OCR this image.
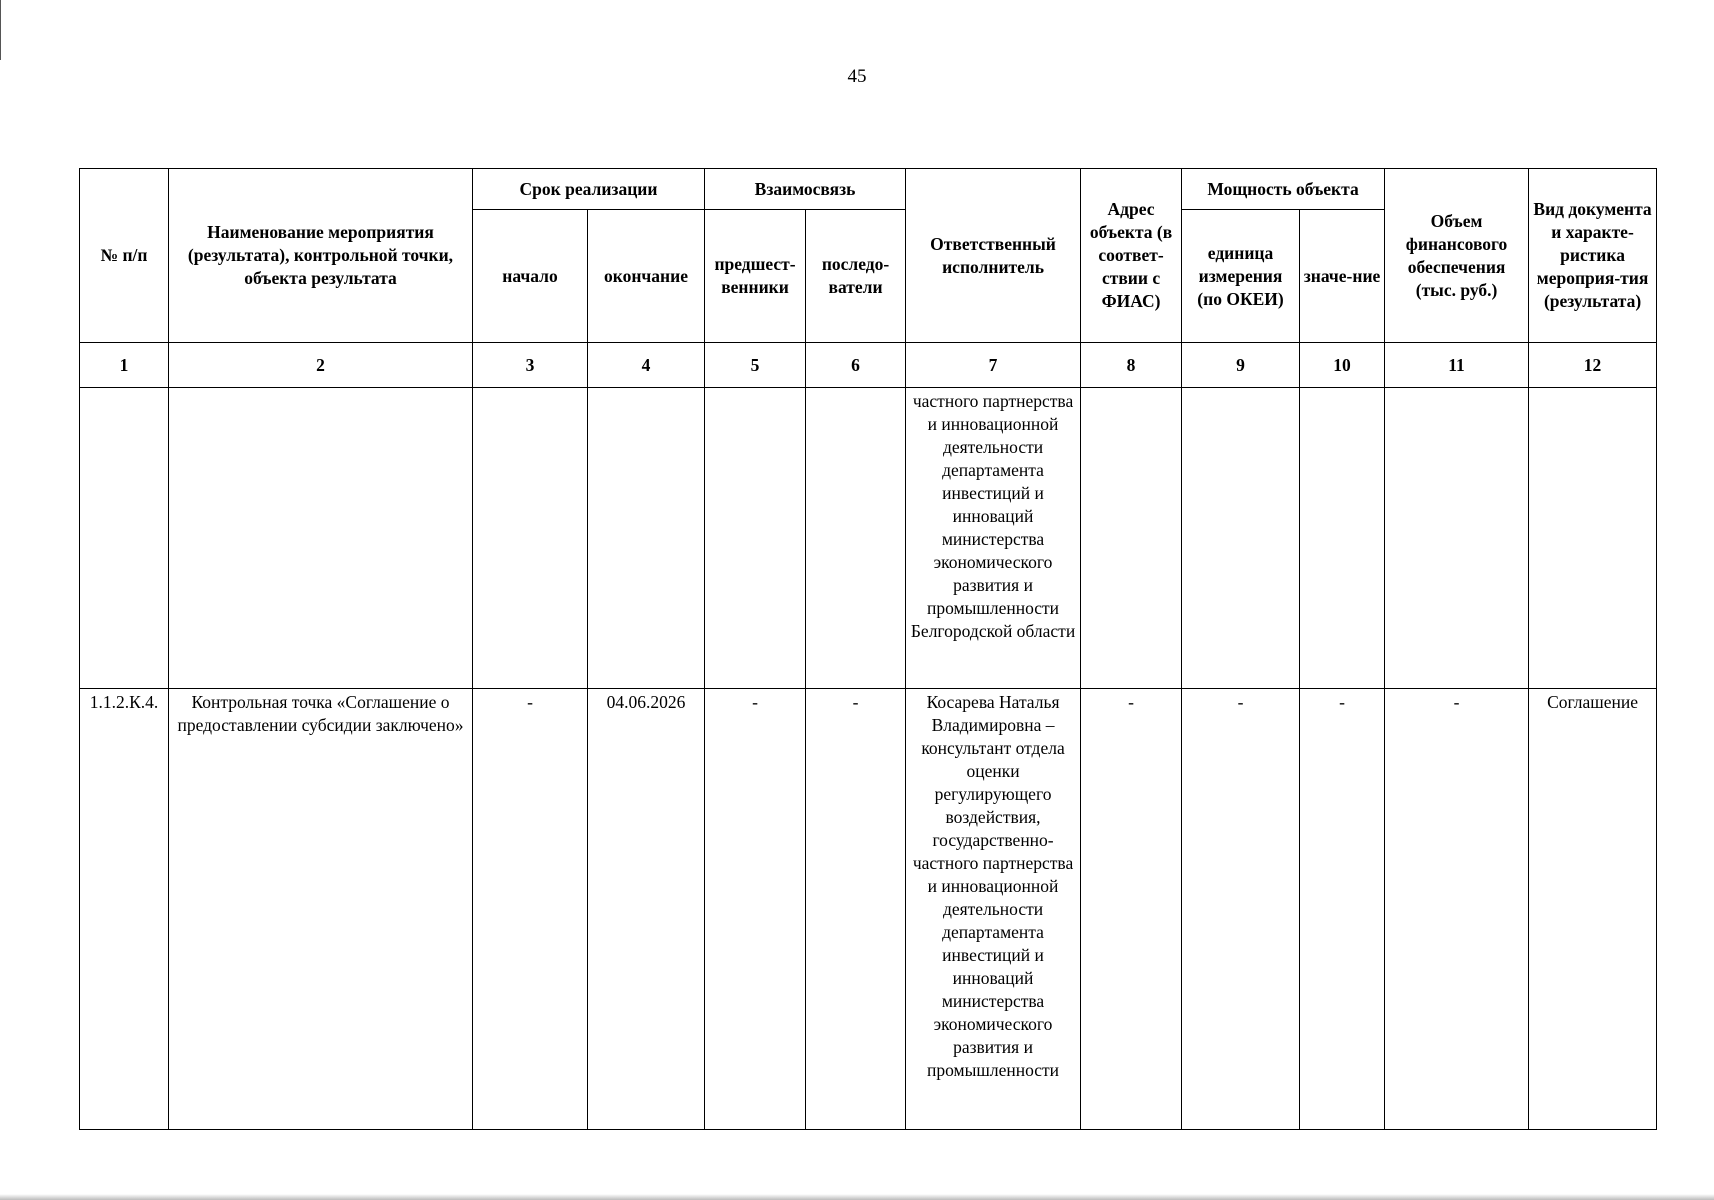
45
№ п/п	Наименование мероприятия (результата), контрольной точки, объекта результата	Срок реализации		Взаимосвязь		Ответственный исполнитель	Адрес объекта (в соответ-ствии с ФИАС)	Мощность объекта		Объем финансового обеспечения (тыс. руб.)	Вид документа и характе-ристика мероприя-тия (результата)
		начало	окончание	предшест-венники	последо-ватели			единица измерения (по ОКЕИ)	значе-ние		
1	2	3	4	5	6	7	8	9	10	11	12
						частного партнерства и инновационной деятельности департамента инвестиций и инноваций министерства экономического развития и промышленности Белгородской области					
1.1.2.К.4.	Контрольная точка «Соглашение о предоставлении субсидии заключено»	-	04.06.2026	-	-	Косарева Наталья Владимировна – консультант отдела оценки регулирующего воздействия, государственно-частного партнерства и инновационной деятельности департамента инвестиций и инноваций министерства экономического развития и промышленности	-	-	-	-	Соглашение
